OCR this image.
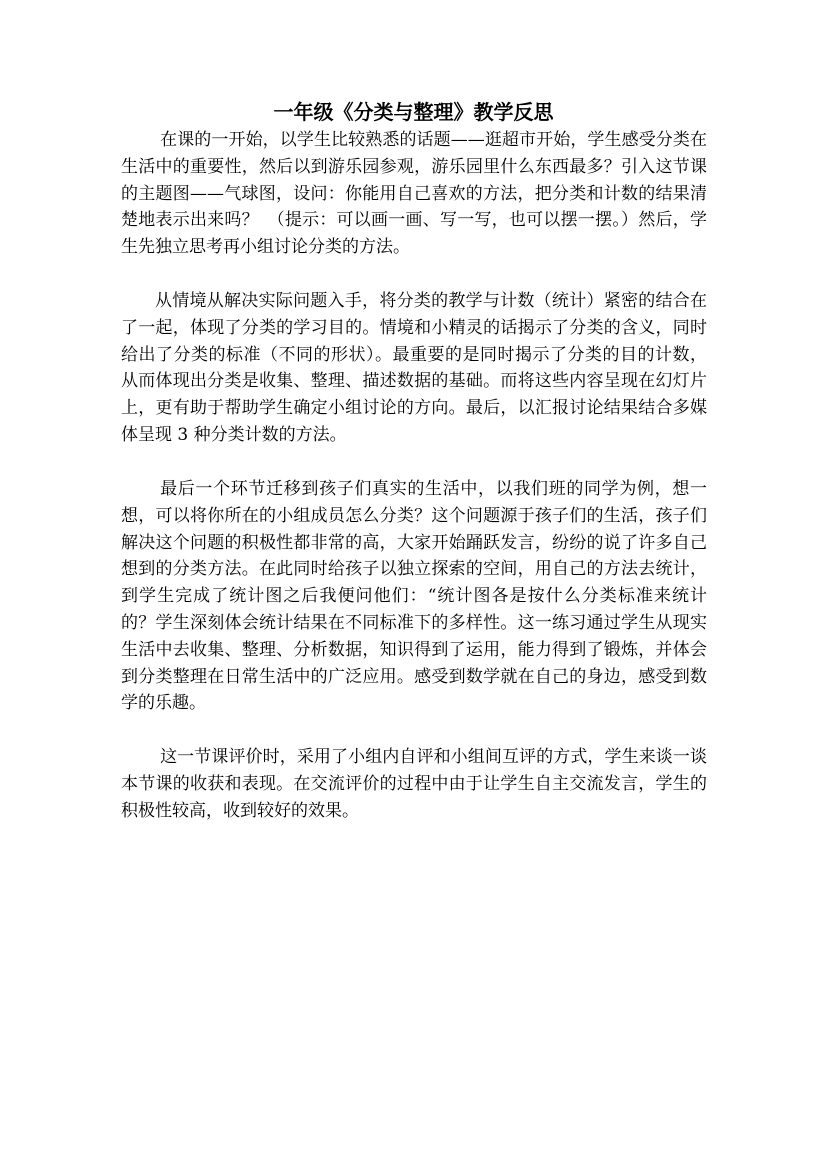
一年级《分类与整理》教学反思

在课的一开始，以学生比较熟悉的话题——逛超市开始，学生感受分类在生活中的重要性，然后以到游乐园参观，游乐园里什么东西最多？引入这节课的主题图——气球图，设问：你能用自己喜欢的方法，把分类和计数的结果清楚地表示出来吗？　（提示：可以画一画、写一写，也可以摆一摆。）然后，学生先独立思考再小组讨论分类的方法。

从情境从解决实际问题入手，将分类的教学与计数（统计）紧密的结合在了一起，体现了分类的学习目的。情境和小精灵的话揭示了分类的含义，同时给出了分类的标准（不同的形状）。最重要的是同时揭示了分类的目的计数，从而体现出分类是收集、整理、描述数据的基础。而将这些内容呈现在幻灯片上，更有助于帮助学生确定小组讨论的方向。最后，以汇报讨论结果结合多媒体呈现 3 种分类计数的方法。

最后一个环节迁移到孩子们真实的生活中，以我们班的同学为例，想一想，可以将你所在的小组成员怎么分类？这个问题源于孩子们的生活，孩子们解决这个问题的积极性都非常的高，大家开始踊跃发言，纷纷的说了许多自己想到的分类方法。在此同时给孩子以独立探索的空间，用自己的方法去统计，到学生完成了统计图之后我便问他们：“统计图各是按什么分类标准来统计的？学生深刻体会统计结果在不同标准下的多样性。这一练习通过学生从现实生活中去收集、整理、分析数据，知识得到了运用，能力得到了锻炼，并体会到分类整理在日常生活中的广泛应用。感受到数学就在自己的身边，感受到数学的乐趣。

这一节课评价时，采用了小组内自评和小组间互评的方式，学生来谈一谈本节课的收获和表现。在交流评价的过程中由于让学生自主交流发言，学生的积极性较高，收到较好的效果。
